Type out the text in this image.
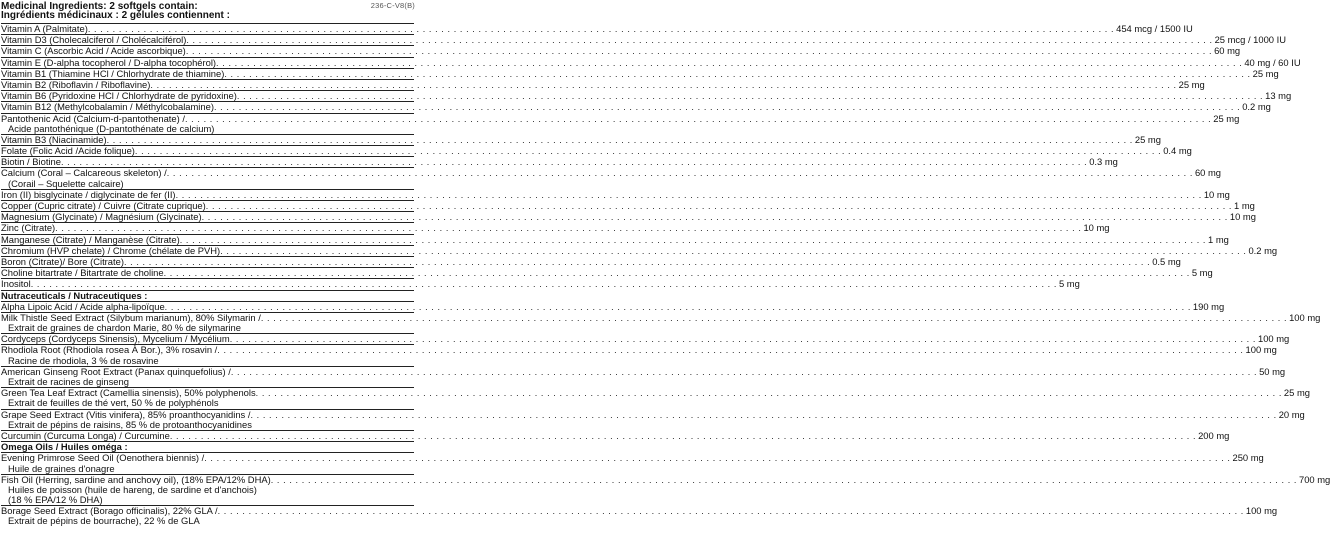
236-C-V8(B)
Medicinal Ingredients: 2 softgels contain:
Ingrédients médicinaux : 2 gélules contiennent :
Vitamin A (Palmitate) . . .	454 mcg / 1500 IU
Vitamin D3 (Cholecalciferol / Cholécalciférol) . . .	25 mcg / 1000 IU
Vitamin C (Ascorbic Acid / Acide ascorbique) . . .	60 mg
Vitamin E (D-alpha tocopherol / D-alpha tocophérol) . . .	40 mg / 60 IU
Vitamin B1 (Thiamine HCl / Chlorhydrate de thiamine) . . .	25 mg
Vitamin B2 (Riboflavin / Riboflavine) . . .	25 mg
Vitamin B6 (Pyridoxine HCl / Chlorhydrate de pyridoxine) . . .	13 mg
Vitamin B12 (Methylcobalamin / Méthylcobalamine) . . .	0.2 mg
Pantothenic Acid (Calcium-d-pantothenate) / . . .	25 mg
Acide pantothénique (D-pantothénate de calcium)
Vitamin B3 (Niacinamide) . . .	25 mg
Folate (Folic Acid /Acide folique) . . .	0.4 mg
Biotin / Biotine . . .	0.3 mg
Calcium (Coral – Calcareous skeleton) / . . .	60 mg
(Corail – Squelette calcaire)
Iron (II) bisglycinate / diglycinate de fer (II) . . .	10 mg
Copper (Cupric citrate) / Cuivre (Citrate cuprique) . . .	1 mg
Magnesium (Glycinate) / Magnésium (Glycinate) . . .	10 mg
Zinc (Citrate) . . .	10 mg
Manganese (Citrate) / Manganèse (Citrate) . . .	1 mg
Chromium (HVP chelate) / Chrome (chélate de PVH) . . .	0.2 mg
Boron (Citrate)/ Bore (Citrate) . . .	0.5 mg
Choline bitartrate / Bitartrate de choline . . .	5 mg
Inositol . . .	5 mg
Nutraceuticals / Nutraceutiques :
Alpha Lipoic Acid / Acide alpha-lipoïque . . .	190 mg
Milk Thistle Seed Extract (Silybum marianum), 80% Silymarin / . . .	100 mg
Extrait de graines de chardon Marie, 80 % de silymarine
Cordyceps (Cordyceps Sinensis), Mycelium / Mycélium . . .	100 mg
Rhodiola Root (Rhodiola rosea À Bor.), 3% rosavin / . . .	100 mg
Racine de rhodiola, 3 % de rosavine
American Ginseng Root Extract (Panax quinquefolius) / . . .	50 mg
Extrait de racines de ginseng
Green Tea Leaf Extract (Camellia sinensis), 50% polyphenols . . .	25 mg
Extrait de feuilles de thé vert, 50 % de polyphénols
Grape Seed Extract (Vitis vinifera), 85% proanthocyanidins / . . .	20 mg
Extrait de pépins de raisins, 85 % de protoanthocyanidines
Curcumin (Curcuma Longa) / Curcumine . . .	200 mg
Omega Oils / Huiles oméga :
Evening Primrose Seed Oil (Oenothera biennis) / . . .	250 mg
Huile de graines d'onagre
Fish Oil (Herring, sardine and anchovy oil), (18% EPA/12% DHA) . . .	700 mg
Huiles de poisson (huile de hareng, de sardine et d'anchois)
(18 % EPA/12 % DHA)
Borage Seed Extract (Borago officinalis), 22% GLA / . . .	100 mg
Extrait de pépins de bourrache), 22 % de GLA
